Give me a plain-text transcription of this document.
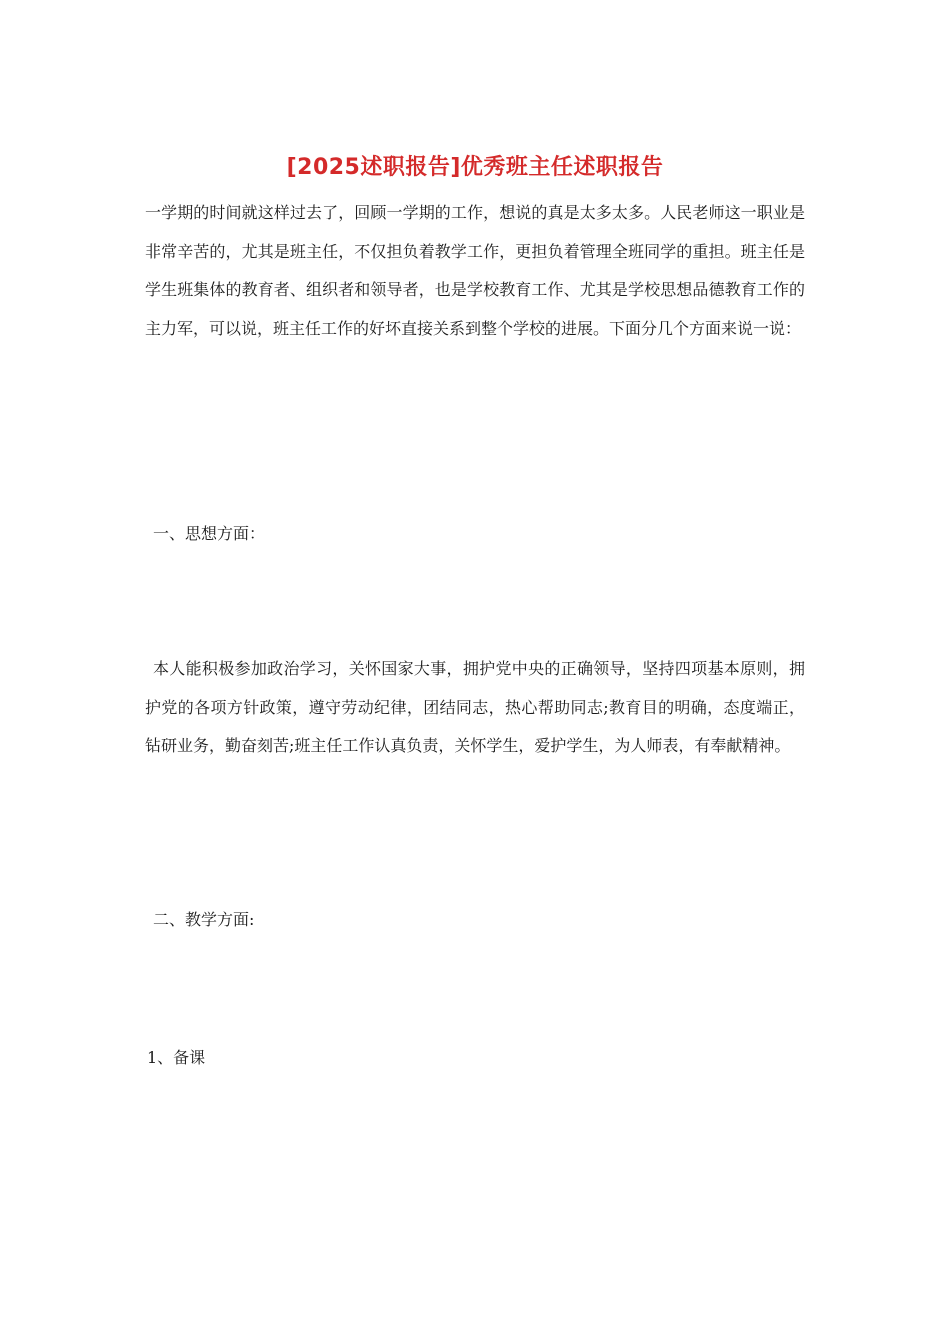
[2025述职报告]优秀班主任述职报告

一学期的时间就这样过去了，回顾一学期的工作，想说的真是太多太多。人民老师这一职业是非常辛苦的，尤其是班主任，不仅担负着教学工作，更担负着管理全班同学的重担。班主任是学生班集体的教育者、组织者和领导者，也是学校教育工作、尤其是学校思想品德教育工作的主力军，可以说，班主任工作的好坏直接关系到整个学校的进展。下面分几个方面来说一说：

一、思想方面：

本人能积极参加政治学习，关怀国家大事，拥护党中央的正确领导，坚持四项基本原则，拥护党的各项方针政策，遵守劳动纪律，团结同志，热心帮助同志;教育目的明确，态度端正，钻研业务，勤奋刻苦;班主任工作认真负责，关怀学生，爱护学生，为人师表，有奉献精神。

二、教学方面:

1、备课
